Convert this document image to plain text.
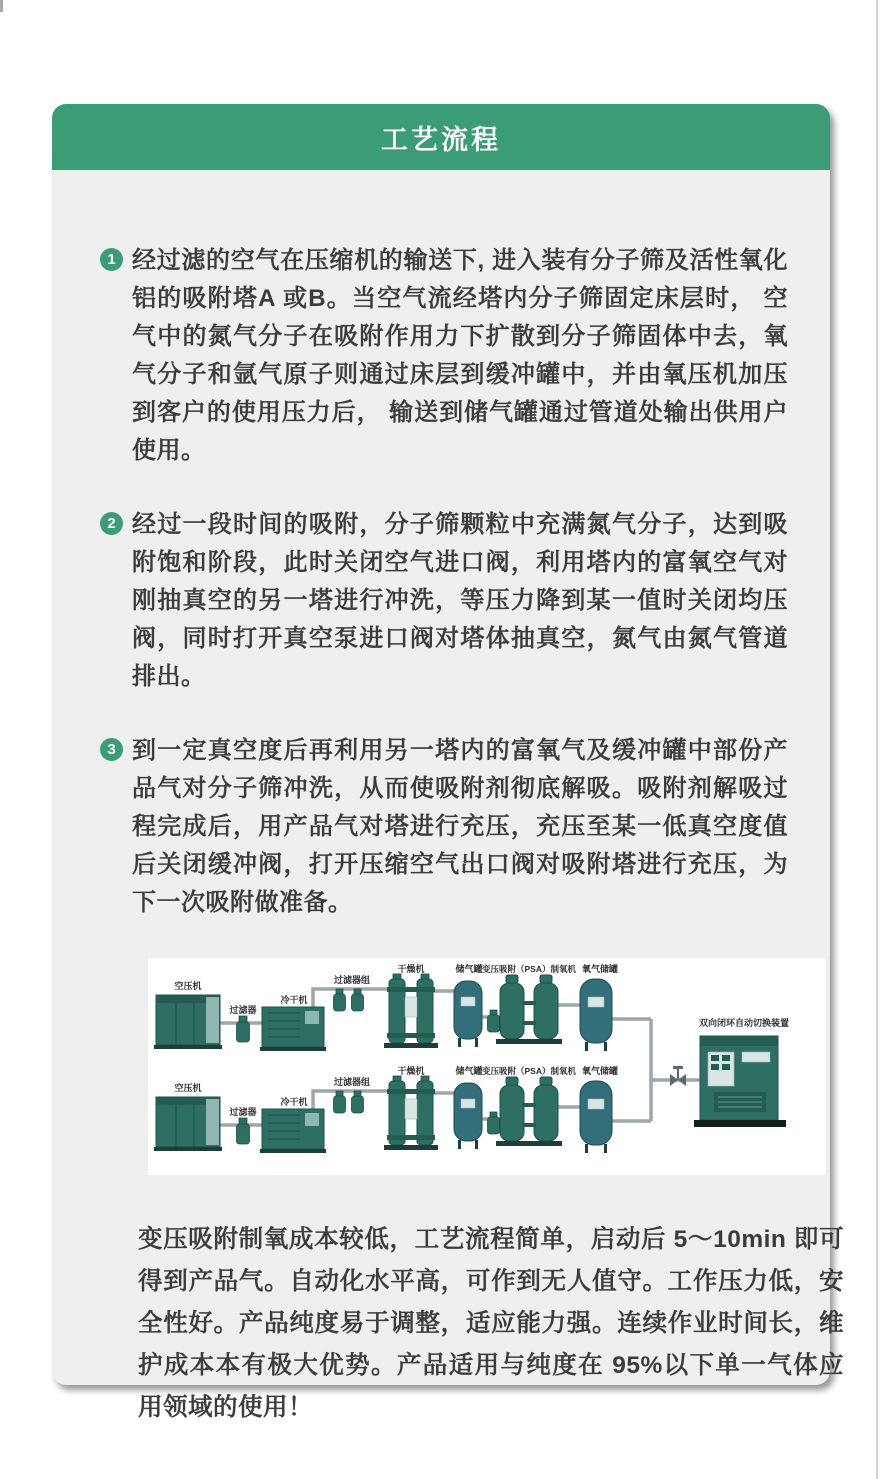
工艺流程
1 经过滤的空气在压缩机的输送下, 进入装有分子筛及活性氧化铝的吸附塔A 或B。当空气流经塔内分子筛固定床层时， 空气中的氮气分子在吸附作用力下扩散到分子筛固体中去，氧气分子和氩气原子则通过床层到缓冲罐中，并由氧压机加压到客户的使用压力后， 输送到储气罐通过管道处输出供用户使用。
2 经过一段时间的吸附，分子筛颗粒中充满氮气分子，达到吸附饱和阶段，此时关闭空气进口阀，利用塔内的富氧空气对刚抽真空的另一塔进行冲洗，等压力降到某一值时关闭均压阀，同时打开真空泵进口阀对塔体抽真空，氮气由氮气管道排出。
3 到一定真空度后再利用另一塔内的富氧气及缓冲罐中部份产品气对分子筛冲洗，从而使吸附剂彻底解吸。吸附剂解吸过程完成后，用产品气对塔进行充压，充压至某一低真空度值后关闭缓冲阀，打开压缩空气出口阀对吸附塔进行充压，为下一次吸附做准备。
空压机
过滤器
冷干机
过滤器组
干燥机	储气罐 变压吸附（PSA）制氧机 氧气储罐
空压机
过滤器
冷干机
过滤器组
干燥机	储气罐 变压吸附（PSA）制氧机 氧气储罐
双向闭环自动切换装置

变压吸附制氧成本较低，工艺流程简单，启动后 5～10min 即可得到产品气。自动化水平高，可作到无人值守。工作压力低，安全性好。产品纯度易于调整，适应能力强。连续作业时间长，维护成本本有极大优势。产品适用与纯度在 95%以下单一气体应用领域的使用！
